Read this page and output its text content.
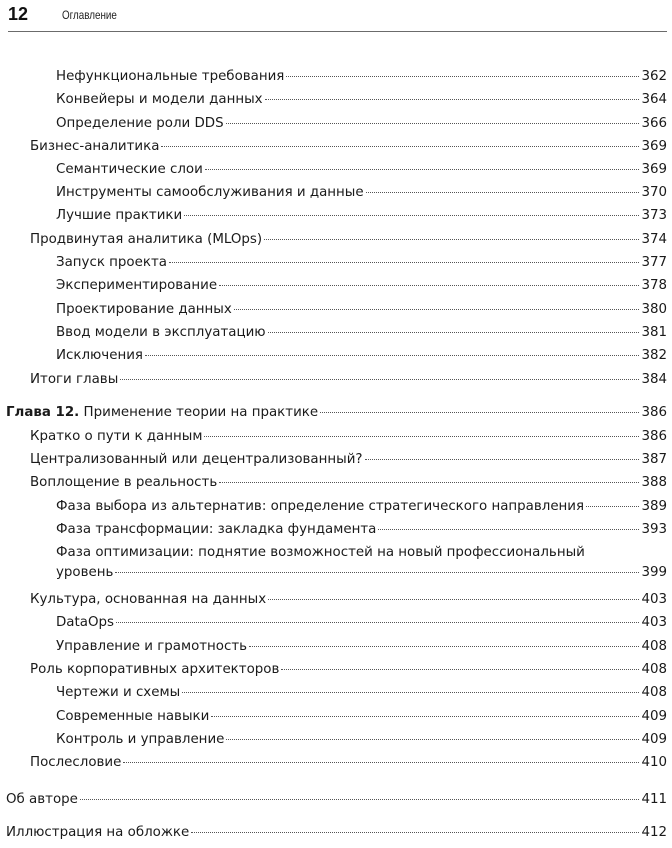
12	Оглавление
Нефункциональные требования	362
Конвейеры и модели данных	364
Определение роли DDS	366
Бизнес-аналитика	369
Семантические слои	369
Инструменты самообслуживания и данные	370
Лучшие практики	373
Продвинутая аналитика (MLOps)	374
Запуск проекта	377
Экспериментирование	378
Проектирование данных	380
Ввод модели в эксплуатацию	381
Исключения	382
Итоги главы	384
Глава 12. Применение теории на практике	386
Кратко о пути к данным	386
Централизованный или децентрализованный?	387
Воплощение в реальность	388
Фаза выбора из альтернатив: определение стратегического направления	389
Фаза трансформации: закладка фундамента	393
Фаза оптимизации: поднятие возможностей на новый профессиональный
уровень	399
Культура, основанная на данных	403
DataOps	403
Управление и грамотность	408
Роль корпоративных архитекторов	408
Чертежи и схемы	408
Современные навыки	409
Контроль и управление	409
Послесловие	410
Об авторе	411
Иллюстрация на обложке	412
